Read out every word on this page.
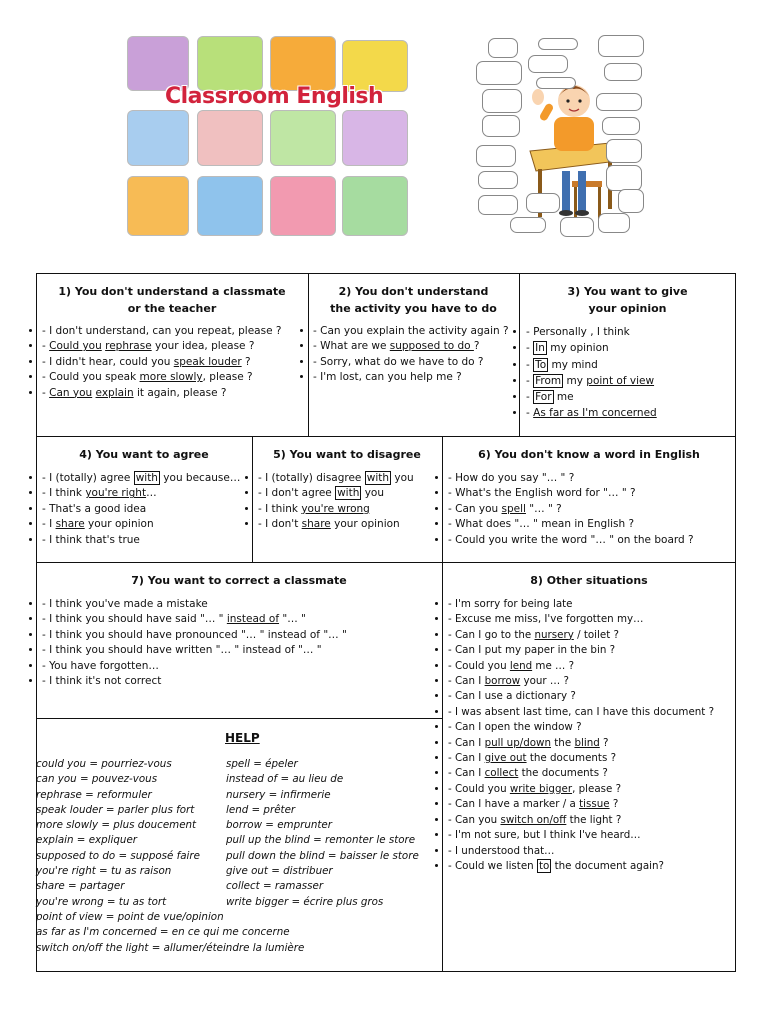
Classroom English
1) You don't understand a classmate
or the teacher
• - I don't understand, can you repeat, please ?
• - Could you rephrase your idea, please ?
• - I didn't hear, could you speak louder ?
• - Could you speak more slowly, please ?
• - Can you explain it again, please ?
2) You don't understand
the activity you have to do
• - Can you explain the activity again ?
• - What are we supposed to do ?
• - Sorry, what do we have to do ?
• - I'm lost, can you help me ?
3) You want to give
your opinion
• - Personally , I think
• - In my opinion
• - To my mind
• - From my point of view
• - For me
• - As far as I'm concerned
4) You want to agree
• - I (totally) agree with you because…
• - I think you're right…
• - That's a good idea
• - I share your opinion
• - I think that's true
5) You want to disagree
• - I (totally) disagree with you
• - I don't agree with you
• - I think you're wrong
• - I don't share your opinion
6) You don't know a word in English
• - How do you say "… " ?
• - What's the English word for "… " ?
• - Can you spell "… " ?
• - What does "… " mean in English ?
• - Could you write the word "… " on the board ?
7) You want to correct a classmate
• - I think you've made a mistake
• - I think you should have said "… " instead of "… "
• - I think you should have pronounced "… " instead of "… "
• - I think you should have written "… " instead of "… "
• - You have forgotten…
• - I think it's not correct
8) Other situations
• - I'm sorry for being late
• - Excuse me miss, I've forgotten my…
• - Can I go to the nursery / toilet ?
• - Can I put my paper in the bin ?
• - Could you lend me … ?
• - Can I borrow your … ?
• - Can I use a dictionary ?
• - I was absent last time, can I have this document ?
• - Can I open the window ?
• - Can I pull up/down the blind ?
• - Can I give out the documents ?
• - Can I collect the documents ?
• - Could you write bigger, please ?
• - Can I have a marker / a tissue ?
• - Can you switch on/off the light ?
• - I'm not sure, but I think I've heard…
• - I understood that…
• - Could we listen to the document again?
HELP
could you = pourriez-vous
can you = pouvez-vous
rephrase = reformuler
speak louder = parler plus fort
more slowly = plus doucement
explain = expliquer
supposed to do = supposé faire
you're right = tu as raison
share = partager
you're wrong = tu as tort
point of view = point de vue/opinion
as far as I'm concerned = en ce qui me concerne
switch on/off the light = allumer/éteindre la lumière
spell = épeler
instead of = au lieu de
nursery = infirmerie
lend = prêter
borrow = emprunter
pull up the blind = remonter le store
pull down the blind = baisser le store
give out = distribuer
collect = ramasser
write bigger = écrire plus gros
